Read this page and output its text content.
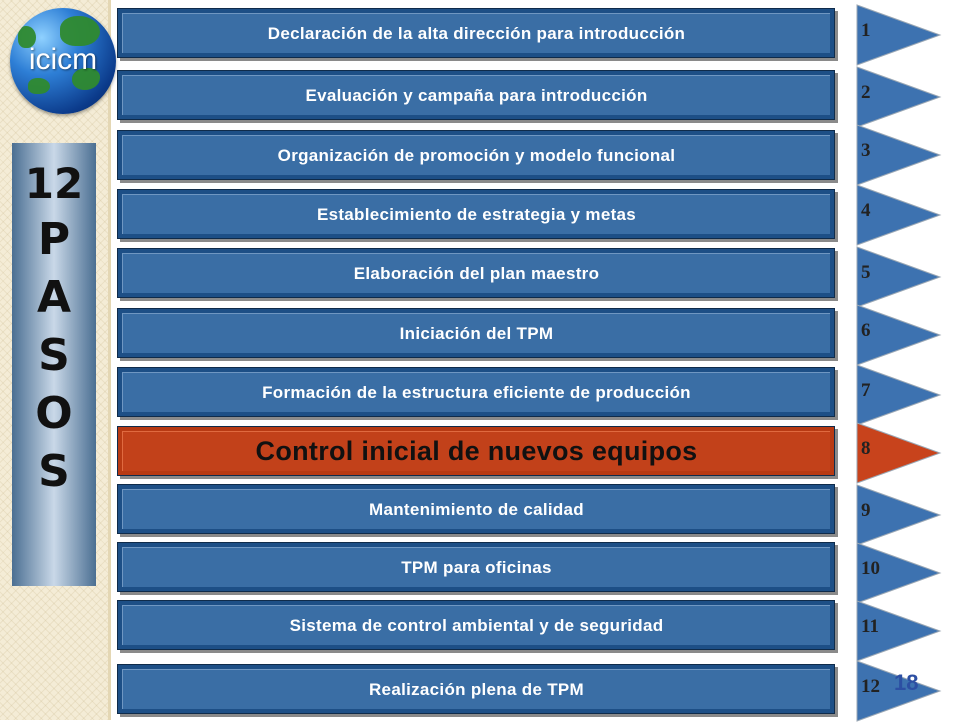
icicm
12
P
A
S
O
S
Declaración de la alta dirección para introducción
Evaluación y campaña para introducción
Organización de promoción y modelo funcional
Establecimiento de estrategia y metas
Elaboración del plan maestro
Iniciación del TPM
Formación de la estructura eficiente de producción
Control inicial de nuevos equipos
Mantenimiento de calidad
TPM para oficinas
Sistema de control ambiental y de seguridad
Realización plena de TPM
1
2
3
4
5
6
7
8
9
10
11
12 18
